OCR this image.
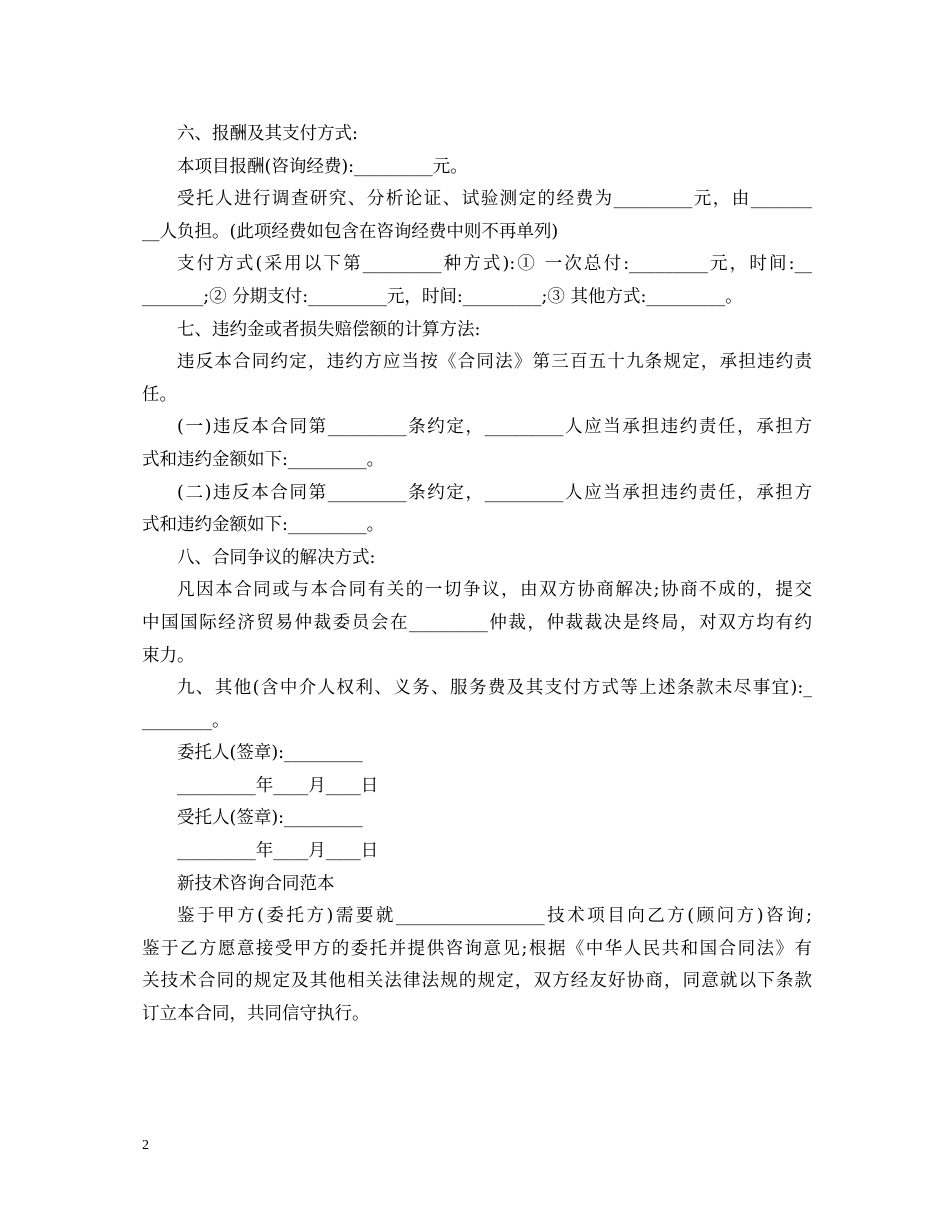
六、报酬及其支付方式:
本项目报酬(咨询经费):_________元。
受托人进行调查研究、分析论证、试验测定的经费为_________元，由_______
__人负担。(此项经费如包含在咨询经费中则不再单列)
支付方式(采用以下第_________种方式):① 一次总付:_________元，时间:__
_______;② 分期支付:_________元，时间:_________;③ 其他方式:_________。
七、违约金或者损失赔偿额的计算方法:
违反本合同约定，违约方应当按《合同法》第三百五十九条规定，承担违约责
任。
(一)违反本合同第_________条约定，_________人应当承担违约责任，承担方
式和违约金额如下:_________。
(二)违反本合同第_________条约定，_________人应当承担违约责任，承担方
式和违约金额如下:_________。
八、合同争议的解决方式:
凡因本合同或与本合同有关的一切争议，由双方协商解决;协商不成的，提交
中国国际经济贸易仲裁委员会在_________仲裁，仲裁裁决是终局，对双方均有约
束力。
九、其他(含中介人权利、义务、服务费及其支付方式等上述条款未尽事宜):_
________。
委托人(签章):_________
_________年____月____日
受托人(签章):_________
_________年____月____日
新技术咨询合同范本
鉴于甲方(委托方)需要就_________________技术项目向乙方(顾问方)咨询;
鉴于乙方愿意接受甲方的委托并提供咨询意见;根据《中华人民共和国合同法》有
关技术合同的规定及其他相关法律法规的规定，双方经友好协商，同意就以下条款
订立本合同，共同信守执行。
2
